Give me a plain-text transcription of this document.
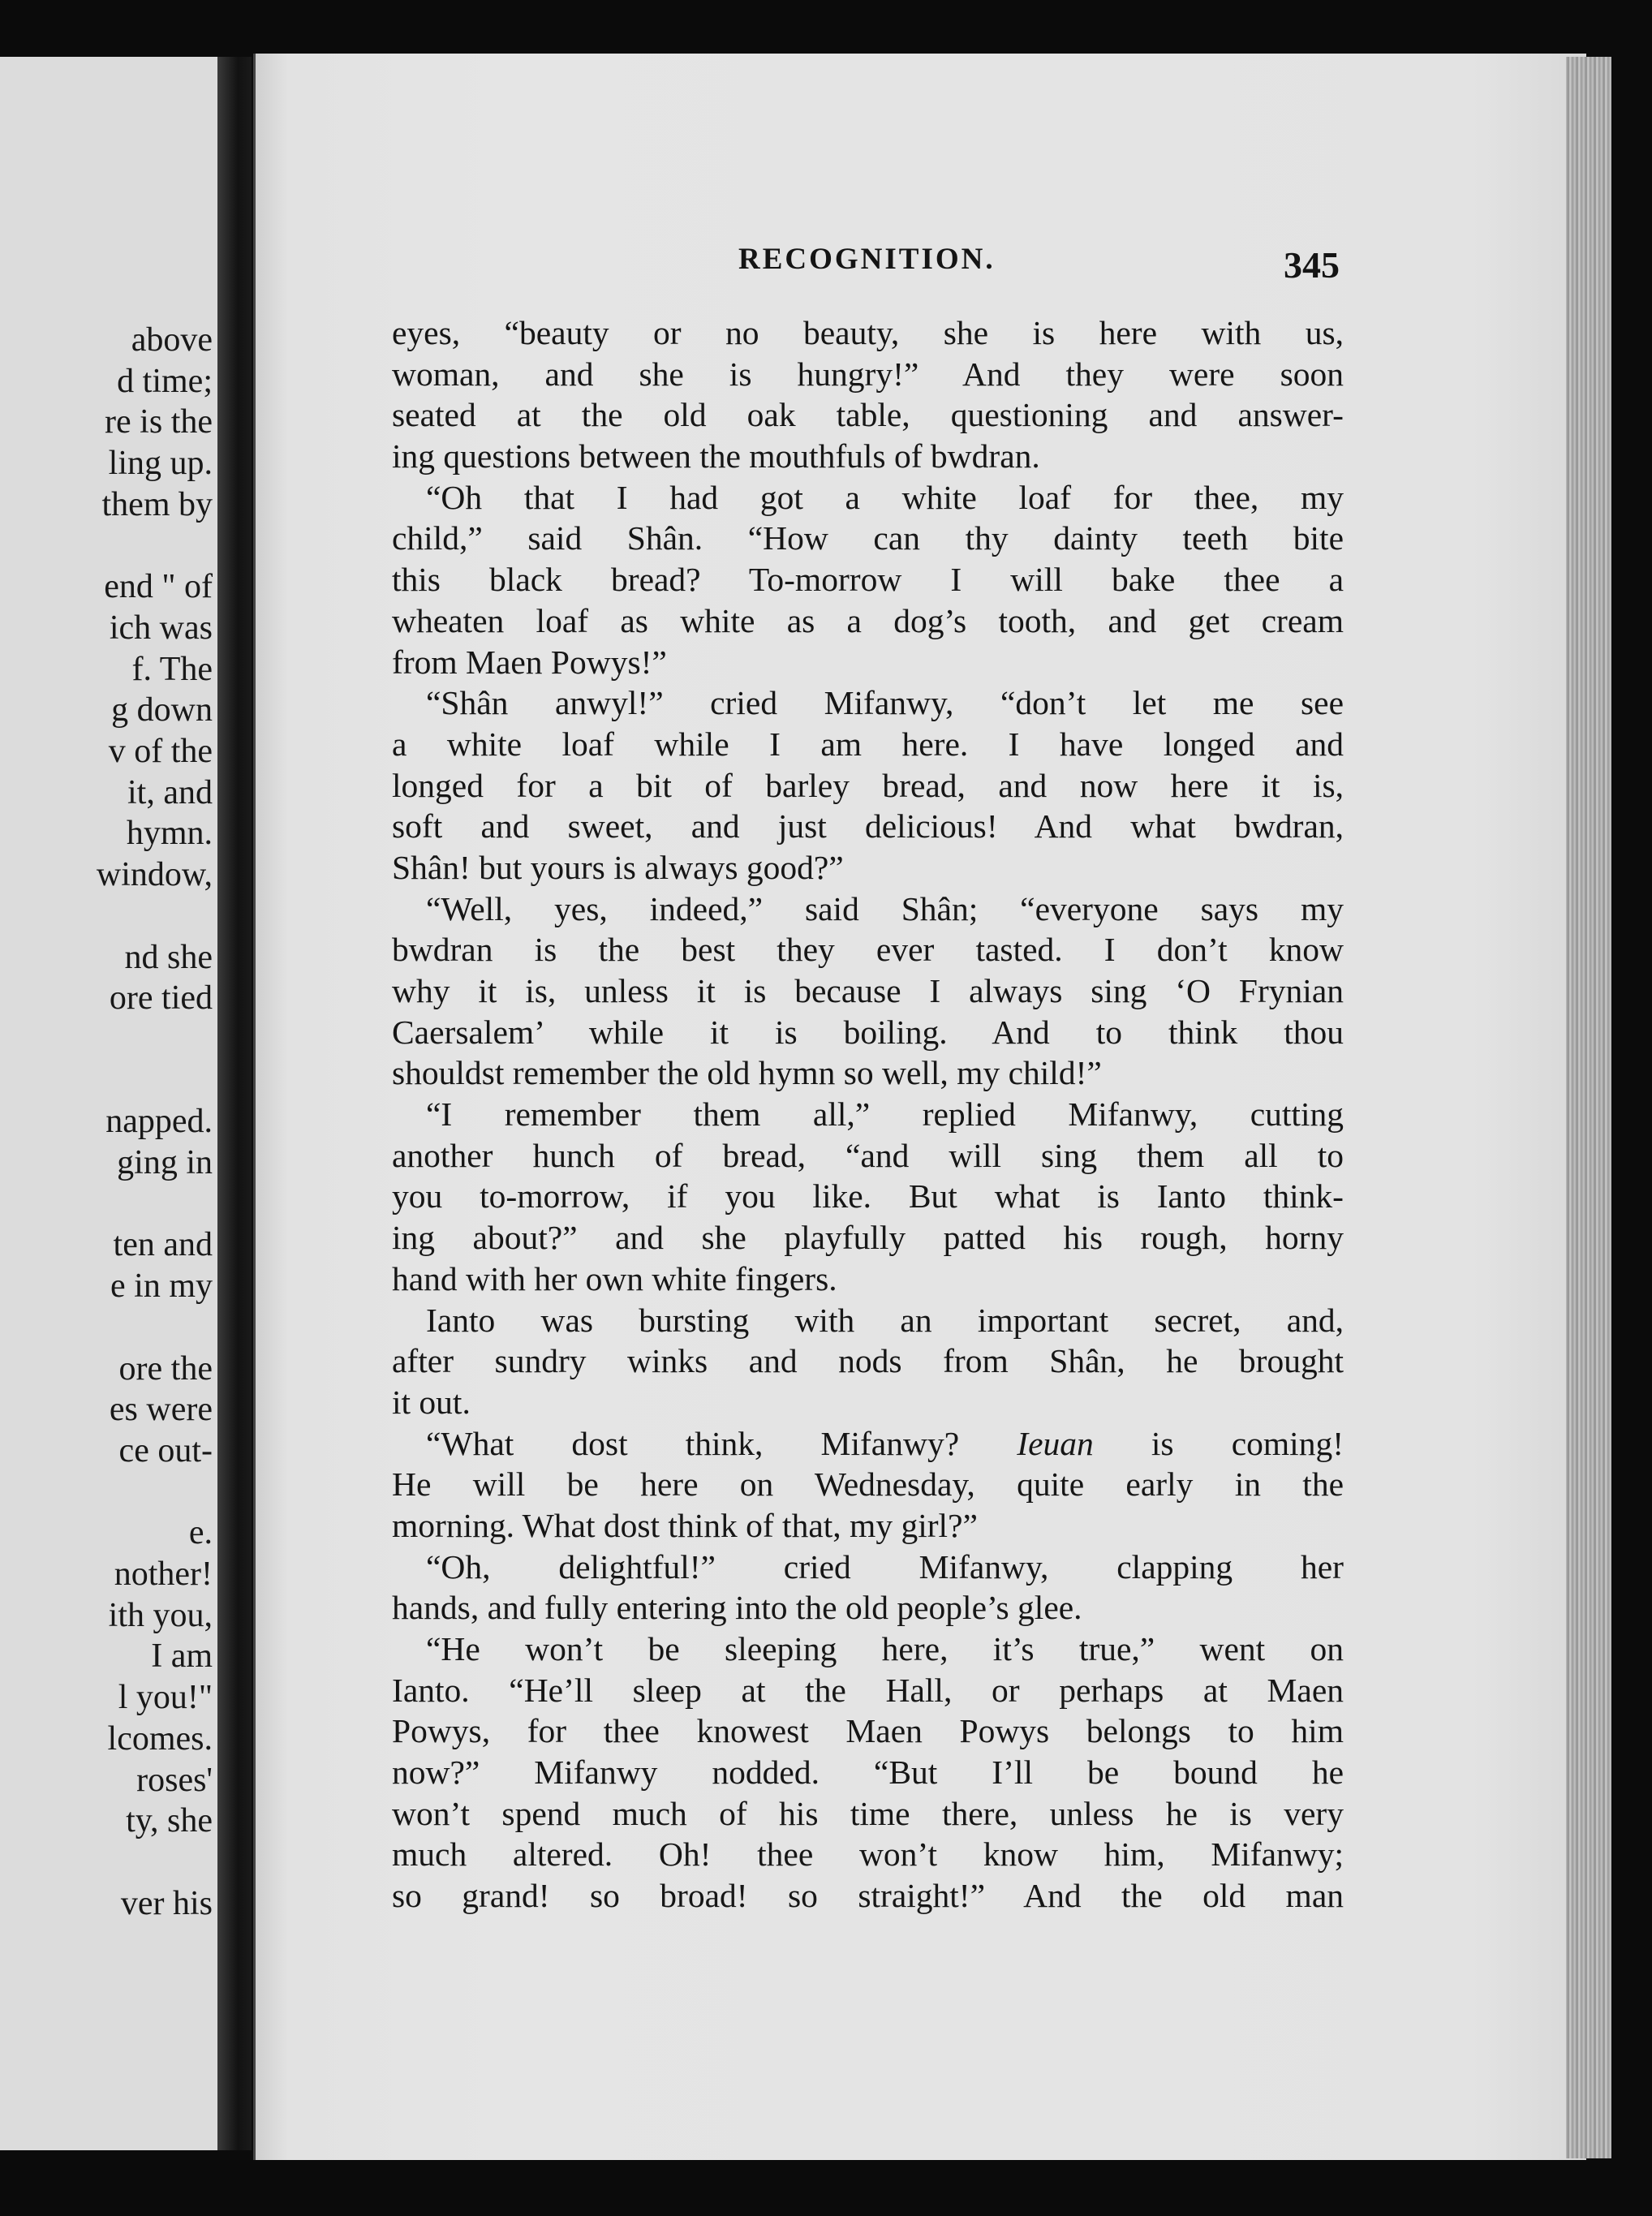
RECOGNITION.	345
above
d time;
re is the
ling up.
them by
end " of
ich was
f. The
g down
v of the
it, and
hymn.
window,
nd she
ore tied
napped.
ging in
ten and
e in my
ore the
es were
ce out-
e.
nother!
ith you,
I am
l you!"
lcomes.
roses'
ty, she
ver his
eyes, “beauty or no beauty, she is here with us,
woman, and she is hungry!” And they were soon
seated at the old oak table, questioning and answer-
ing questions between the mouthfuls of bwdran.
“Oh that I had got a white loaf for thee, my
child,” said Shân. “How can thy dainty teeth bite
this black bread? To-morrow I will bake thee a
wheaten loaf as white as a dog’s tooth, and get cream
from Maen Powys!”
“Shân anwyl!” cried Mifanwy, “don’t let me see
a white loaf while I am here. I have longed and
longed for a bit of barley bread, and now here it is,
soft and sweet, and just delicious! And what bwdran,
Shân! but yours is always good?”
“Well, yes, indeed,” said Shân; “everyone says my
bwdran is the best they ever tasted. I don’t know
why it is, unless it is because I always sing ‘O Frynian
Caersalem’ while it is boiling. And to think thou
shouldst remember the old hymn so well, my child!”
“I remember them all,” replied Mifanwy, cutting
another hunch of bread, “and will sing them all to
you to-morrow, if you like. But what is Ianto think-
ing about?” and she playfully patted his rough, horny
hand with her own white fingers.
Ianto was bursting with an important secret, and,
after sundry winks and nods from Shân, he brought
it out.
“What dost think, Mifanwy? Ieuan is coming!
He will be here on Wednesday, quite early in the
morning. What dost think of that, my girl?”
“Oh, delightful!” cried Mifanwy, clapping her
hands, and fully entering into the old people’s glee.
“He won’t be sleeping here, it’s true,” went on
Ianto. “He’ll sleep at the Hall, or perhaps at Maen
Powys, for thee knowest Maen Powys belongs to him
now?” Mifanwy nodded. “But I’ll be bound he
won’t spend much of his time there, unless he is very
much altered. Oh! thee won’t know him, Mifanwy;
so grand! so broad! so straight!” And the old man
